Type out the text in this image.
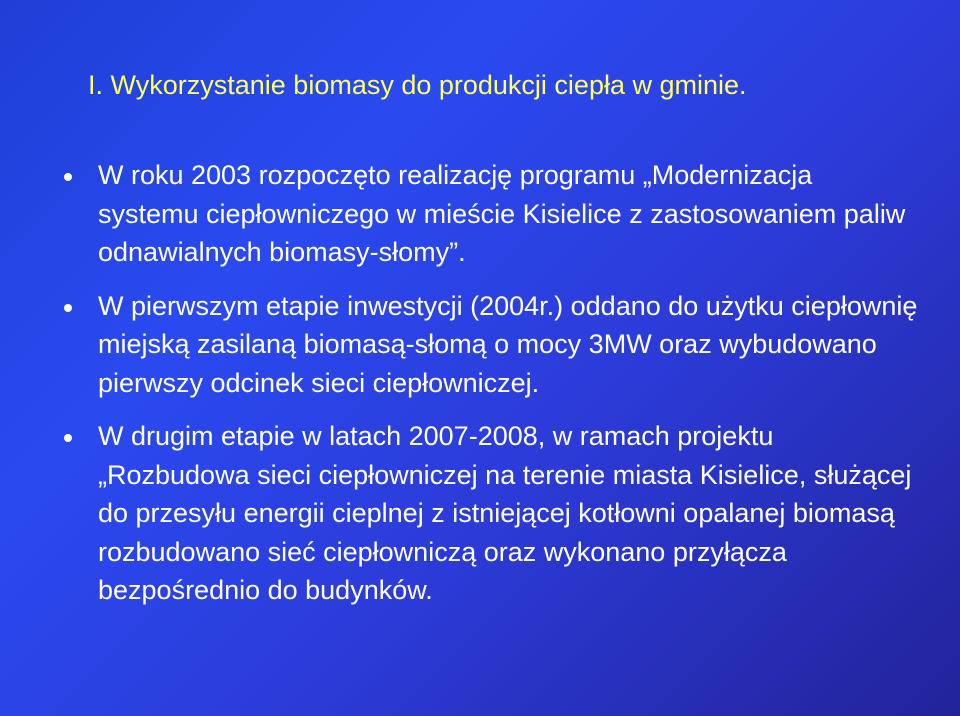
I. Wykorzystanie biomasy do produkcji ciepła w gminie.
W roku 2003 rozpoczęto realizację programu „Modernizacja systemu ciepłowniczego w mieście Kisielice z zastosowaniem paliw odnawialnych biomasy-słomy”.
W pierwszym etapie inwestycji (2004r.) oddano do użytku ciepłownię miejską zasilaną biomasą-słomą o mocy 3MW oraz wybudowano pierwszy odcinek sieci ciepłowniczej.
W drugim etapie w latach 2007-2008, w ramach projektu „Rozbudowa sieci ciepłowniczej na terenie miasta Kisielice, służącej do przesyłu energii cieplnej z istniejącej kotłowni opalanej biomasą rozbudowano sieć ciepłowniczą oraz wykonano przyłącza bezpośrednio do budynków.
